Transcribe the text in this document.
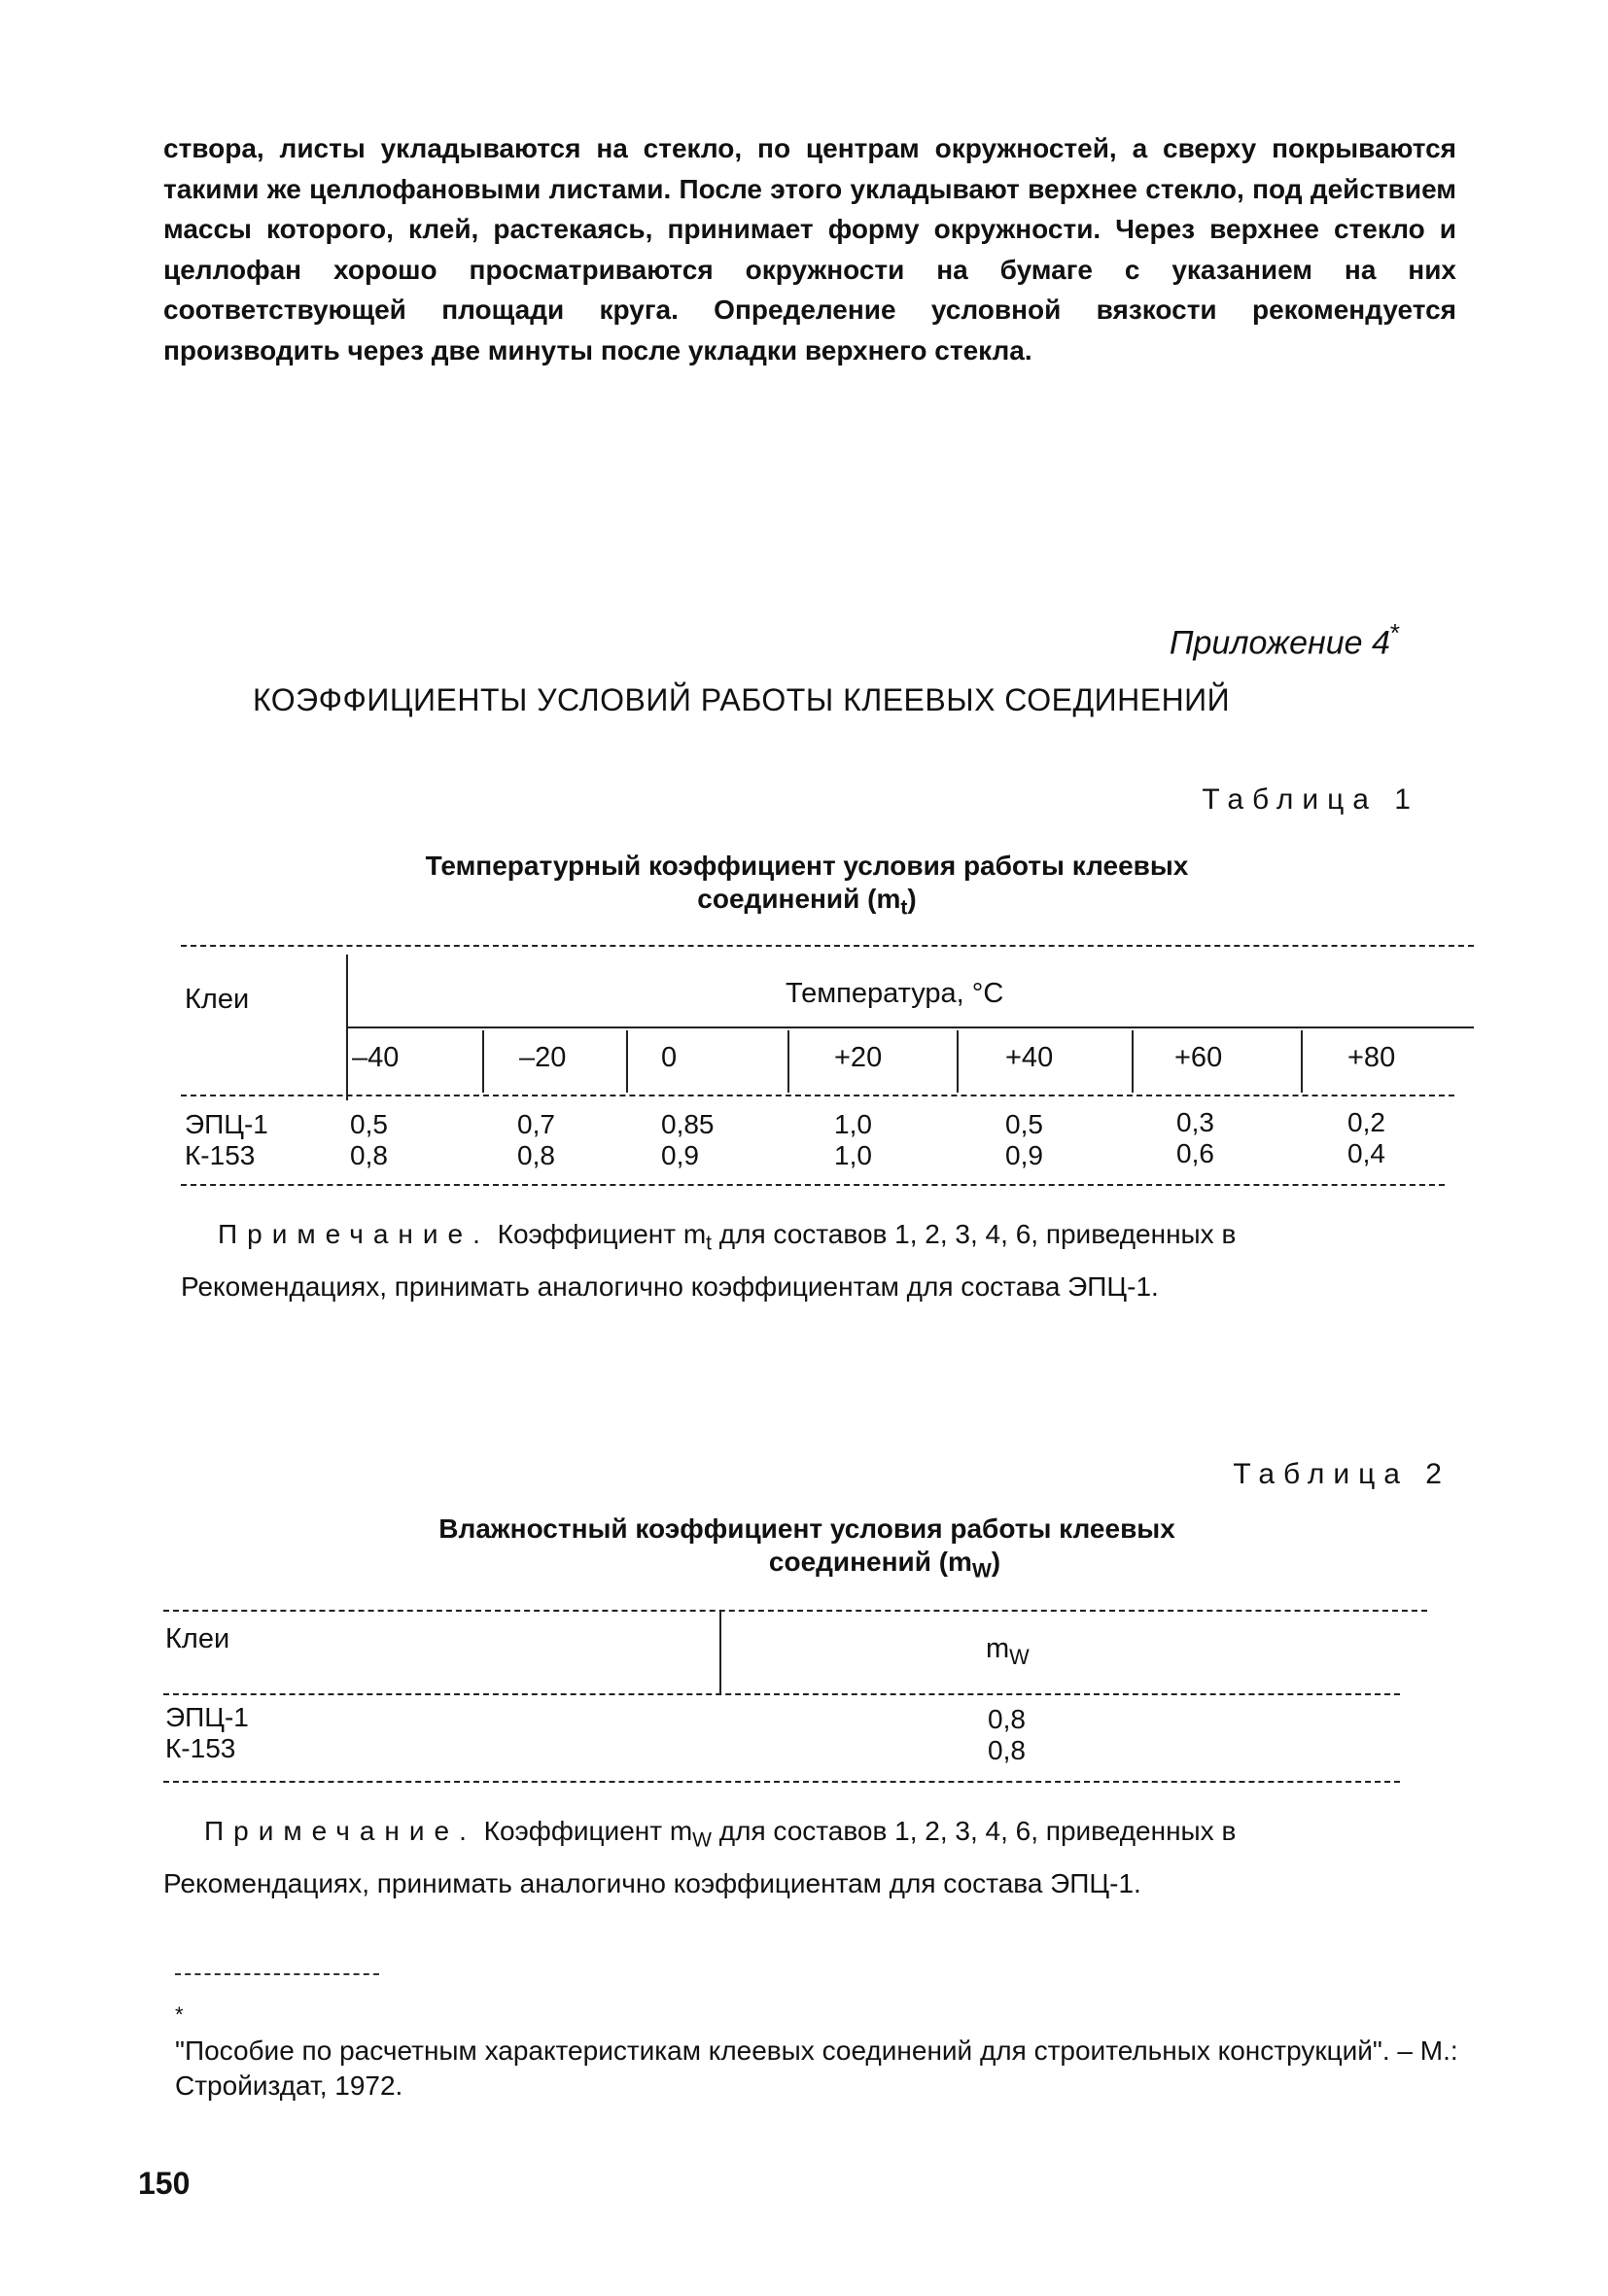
створа, листы укладываются на стекло, по центрам окружностей, а сверху покрываются такими же целлофановыми листами. После этого укладывают верхнее стекло, под действием массы которого, клей, растекаясь, принимает форму окружности. Через верхнее стекло и целлофан хорошо просматриваются окружности на бумаге с указанием на них соответствующей площади круга. Определение условной вязкости рекомендуется производить через две минуты после укладки верхнего стекла.
Приложение 4*
КОЭФФИЦИЕНТЫ УСЛОВИЙ РАБОТЫ КЛЕЕВЫХ СОЕДИНЕНИЙ
Таблица 1
Температурный коэффициент условия работы клеевых
соединений $(m_t)$
Клеи	Температура, °С
–40	–20	0	+20	+40	+60	+80
ЭПЦ-1	0,5	0,7	0,85	1,0	0,5	0,3	0,2
К-153	0,8	0,8	0,9	1,0	0,9	0,6	0,4
Примечание. Коэффициент $m_t$ для составов 1, 2, 3, 4, 6, приведенных в
Рекомендациях, принимать аналогично коэффициентам для состава ЭПЦ-1.
Таблица 2
Влажностный коэффициент условия работы клеевых
соединений $(m_W)$
Клеи	$m_W$
ЭПЦ-1	0,8
К-153	0,8
Примечание. Коэффициент $m_W$ для составов 1, 2, 3, 4, 6, приведенных в
Рекомендациях, принимать аналогично коэффициентам для состава ЭПЦ-1.
*
"Пособие по расчетным характеристикам клеевых соединений для строительных конструкций". – М.: Стройиздат, 1972.
150
